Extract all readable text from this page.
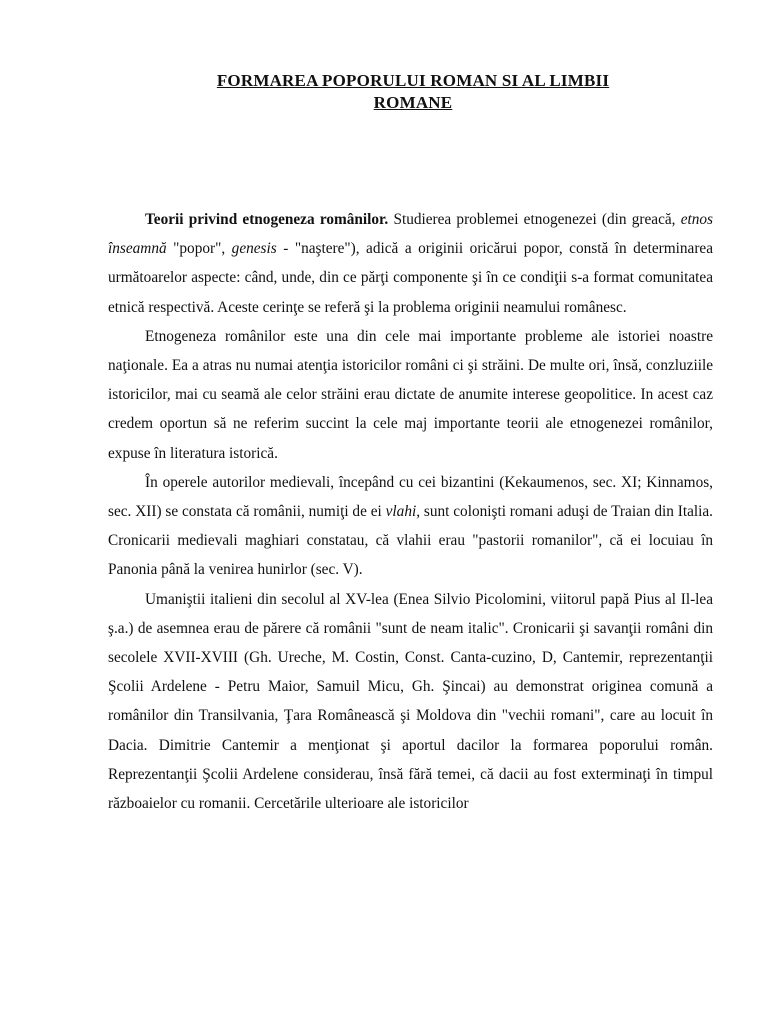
FORMAREA POPORULUI ROMAN SI AL LIMBII
ROMANE

Teorii privind etnogeneza românilor. Studierea problemei etnogenezei (din greacă, etnos înseamnă "popor", genesis - "naştere"), adică a originii oricărui popor, constă în determinarea următoarelor aspecte: când, unde, din ce părţi componente şi în ce condiţii s-a format comunitatea etnică respectivă. Aceste cerinţe se referă şi la problema originii neamului românesc.

Etnogeneza românilor este una din cele mai importante probleme ale istoriei noastre naţionale. Ea a atras nu numai atenţia istoricilor români ci şi străini. De multe ori, însă, conzluziile istoricilor, mai cu seamă ale celor străini erau dictate de anumite interese geopolitice. In acest caz credem oportun să ne referim succint la cele maj importante teorii ale etnogenezei românilor, expuse în literatura istorică.

În operele autorilor medievali, începând cu cei bizantini (Kekaumenos, sec. XI; Kinnamos, sec. XII) se constata că românii, numiţi de ei vlahi, sunt colonişti romani aduşi de Traian din Italia. Cronicarii medievali maghiari constatau, că vlahii erau "pastorii romanilor", că ei locuiau în Panonia până la venirea hunirlor (sec. V).

Umaniştii italieni din secolul al XV-lea (Enea Silvio Picolomini, viitorul papă Pius al Il-lea ş.a.) de asemnea erau de părere că românii "sunt de neam italic". Cronicarii şi savanţii români din secolele XVII-XVIII (Gh. Ureche, M. Costin, Const. Canta-cuzino, D, Cantemir, reprezentanţii Şcolii Ardelene - Petru Maior, Samuil Micu, Gh. Şincai) au demonstrat originea comună a românilor din Transilvania, Ţara Românească şi Moldova din "vechii romani", care au locuit în Dacia. Dimitrie Cantemir a menţionat şi aportul dacilor la formarea poporului român. Reprezentanţii Şcolii Ardelene considerau, însă fără temei, că dacii au fost exterminaţi în timpul războaielor cu romanii. Cercetările ulterioare ale istoricilor
